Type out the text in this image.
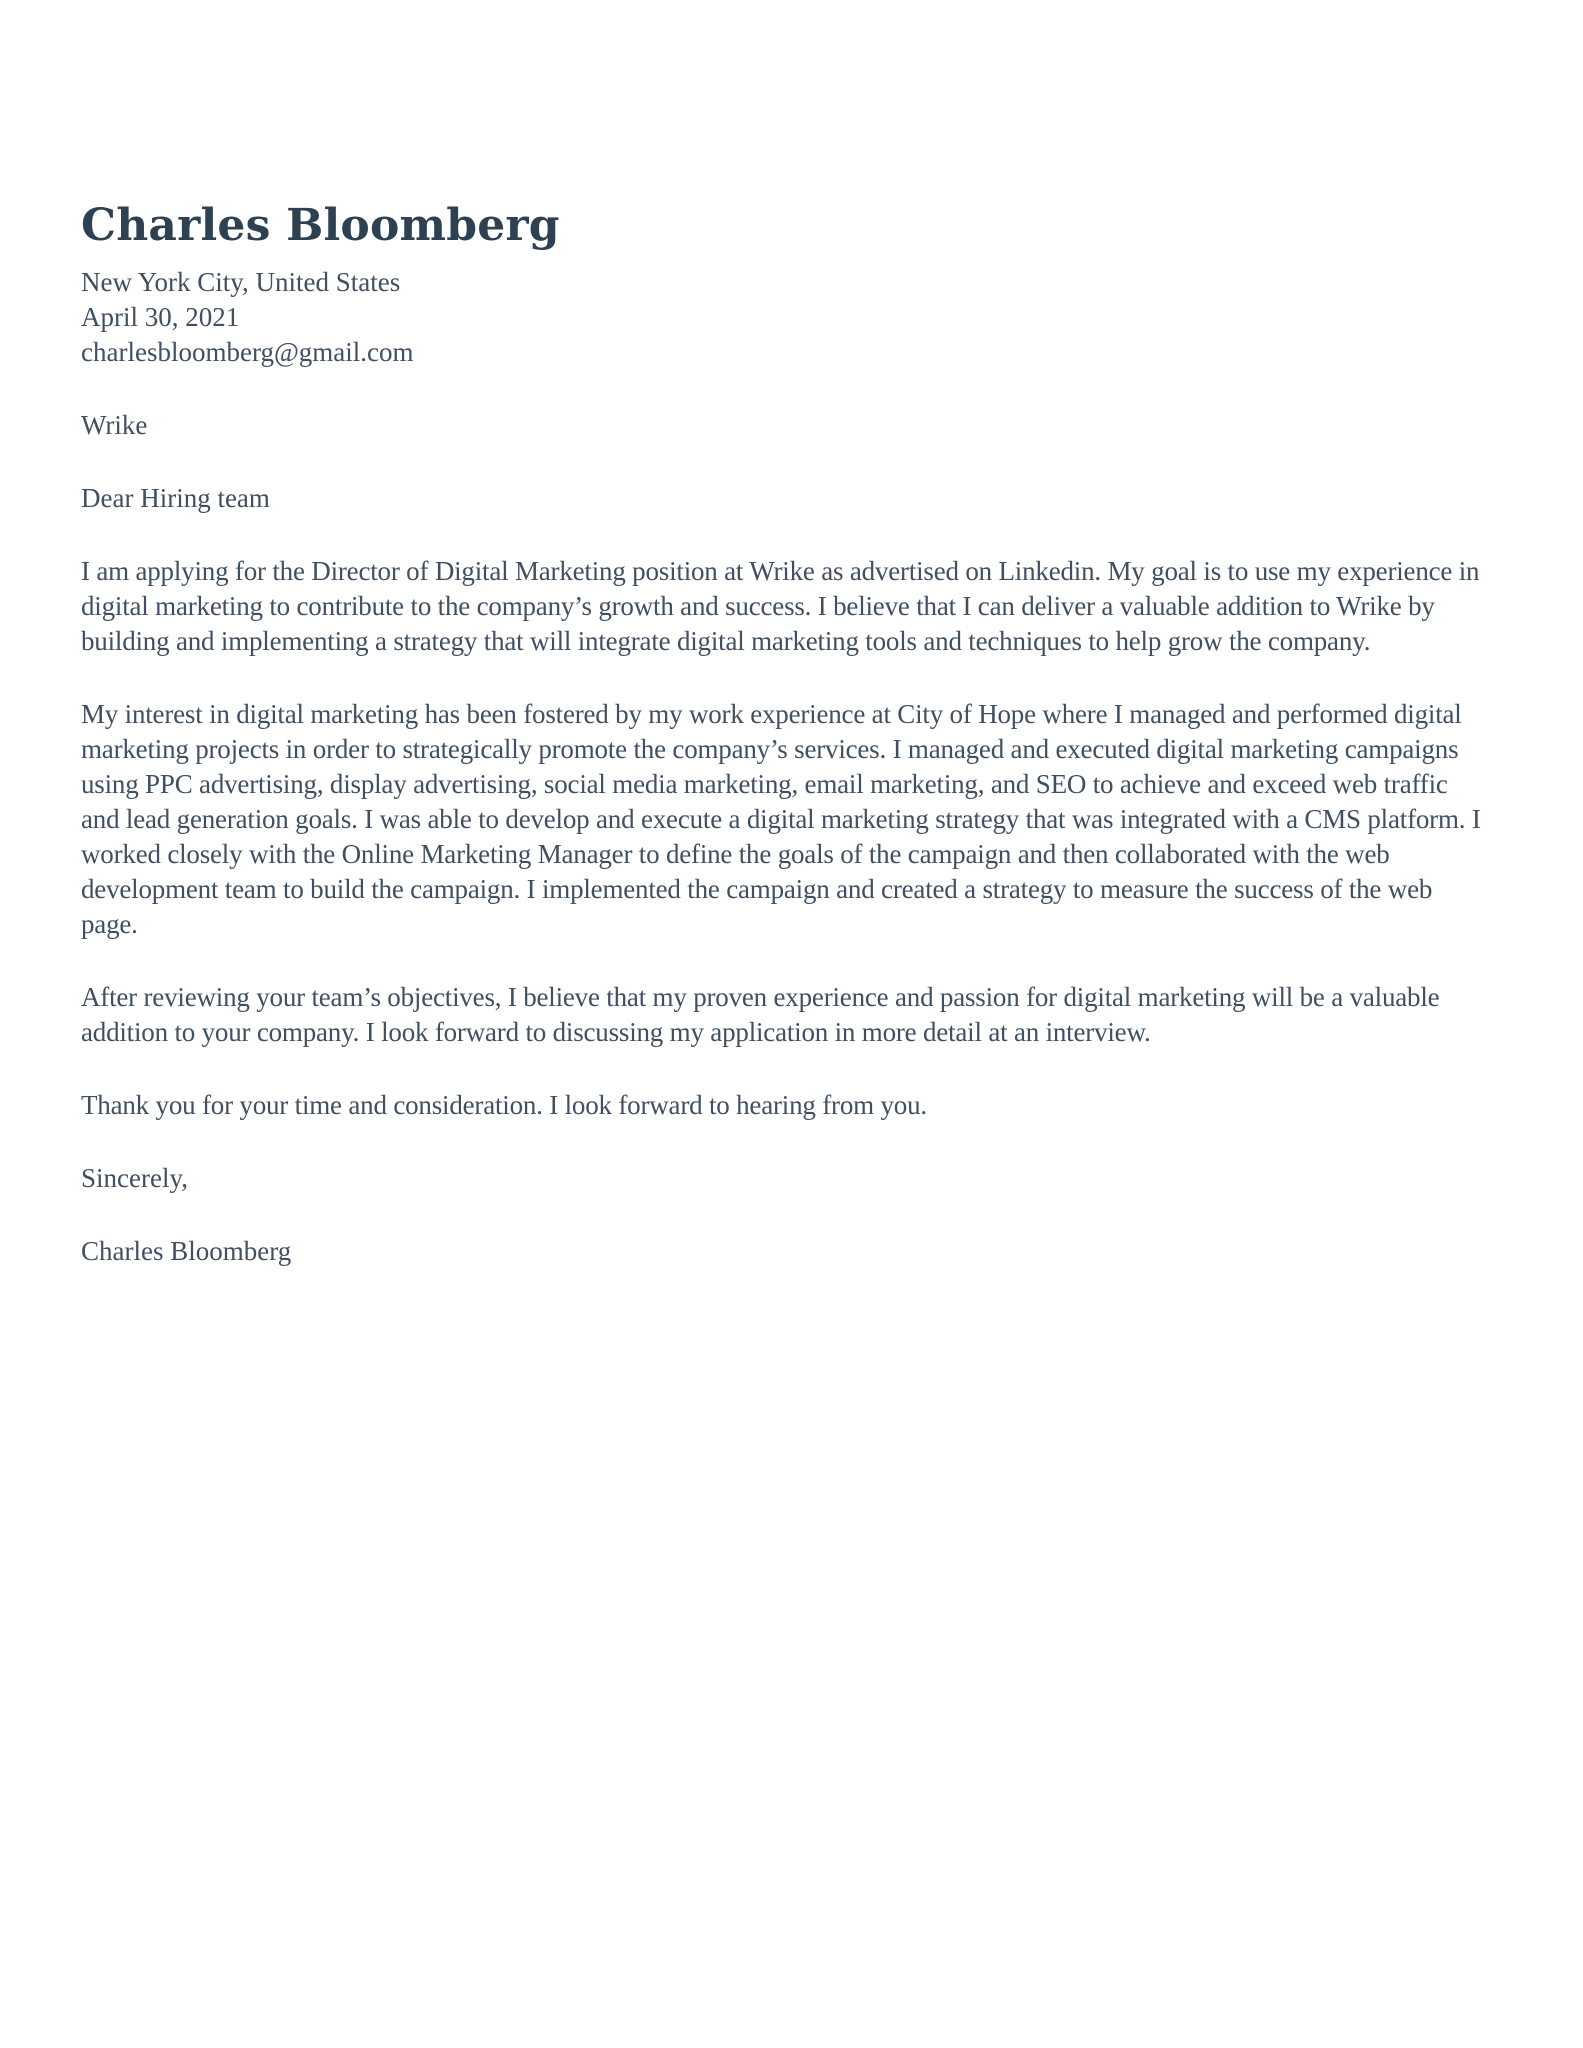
Charles Bloomberg
New York City, United States
April 30, 2021
charlesbloomberg@gmail.com
Wrike
Dear Hiring team

I am applying for the Director of Digital Marketing position at Wrike as advertised on Linkedin. My goal is to use my experience in digital marketing to contribute to the company’s growth and success. I believe that I can deliver a valuable addition to Wrike by building and implementing a strategy that will integrate digital marketing tools and techniques to help grow the company.

My interest in digital marketing has been fostered by my work experience at City of Hope where I managed and performed digital marketing projects in order to strategically promote the company’s services. I managed and executed digital marketing campaigns using PPC advertising, display advertising, social media marketing, email marketing, and SEO to achieve and exceed web traffic and lead generation goals. I was able to develop and execute a digital marketing strategy that was integrated with a CMS platform. I worked closely with the Online Marketing Manager to define the goals of the campaign and then collaborated with the web development team to build the campaign. I implemented the campaign and created a strategy to measure the success of the web page.

After reviewing your team’s objectives, I believe that my proven experience and passion for digital marketing will be a valuable addition to your company. I look forward to discussing my application in more detail at an interview.

Thank you for your time and consideration. I look forward to hearing from you.

Sincerely,
Charles Bloomberg
